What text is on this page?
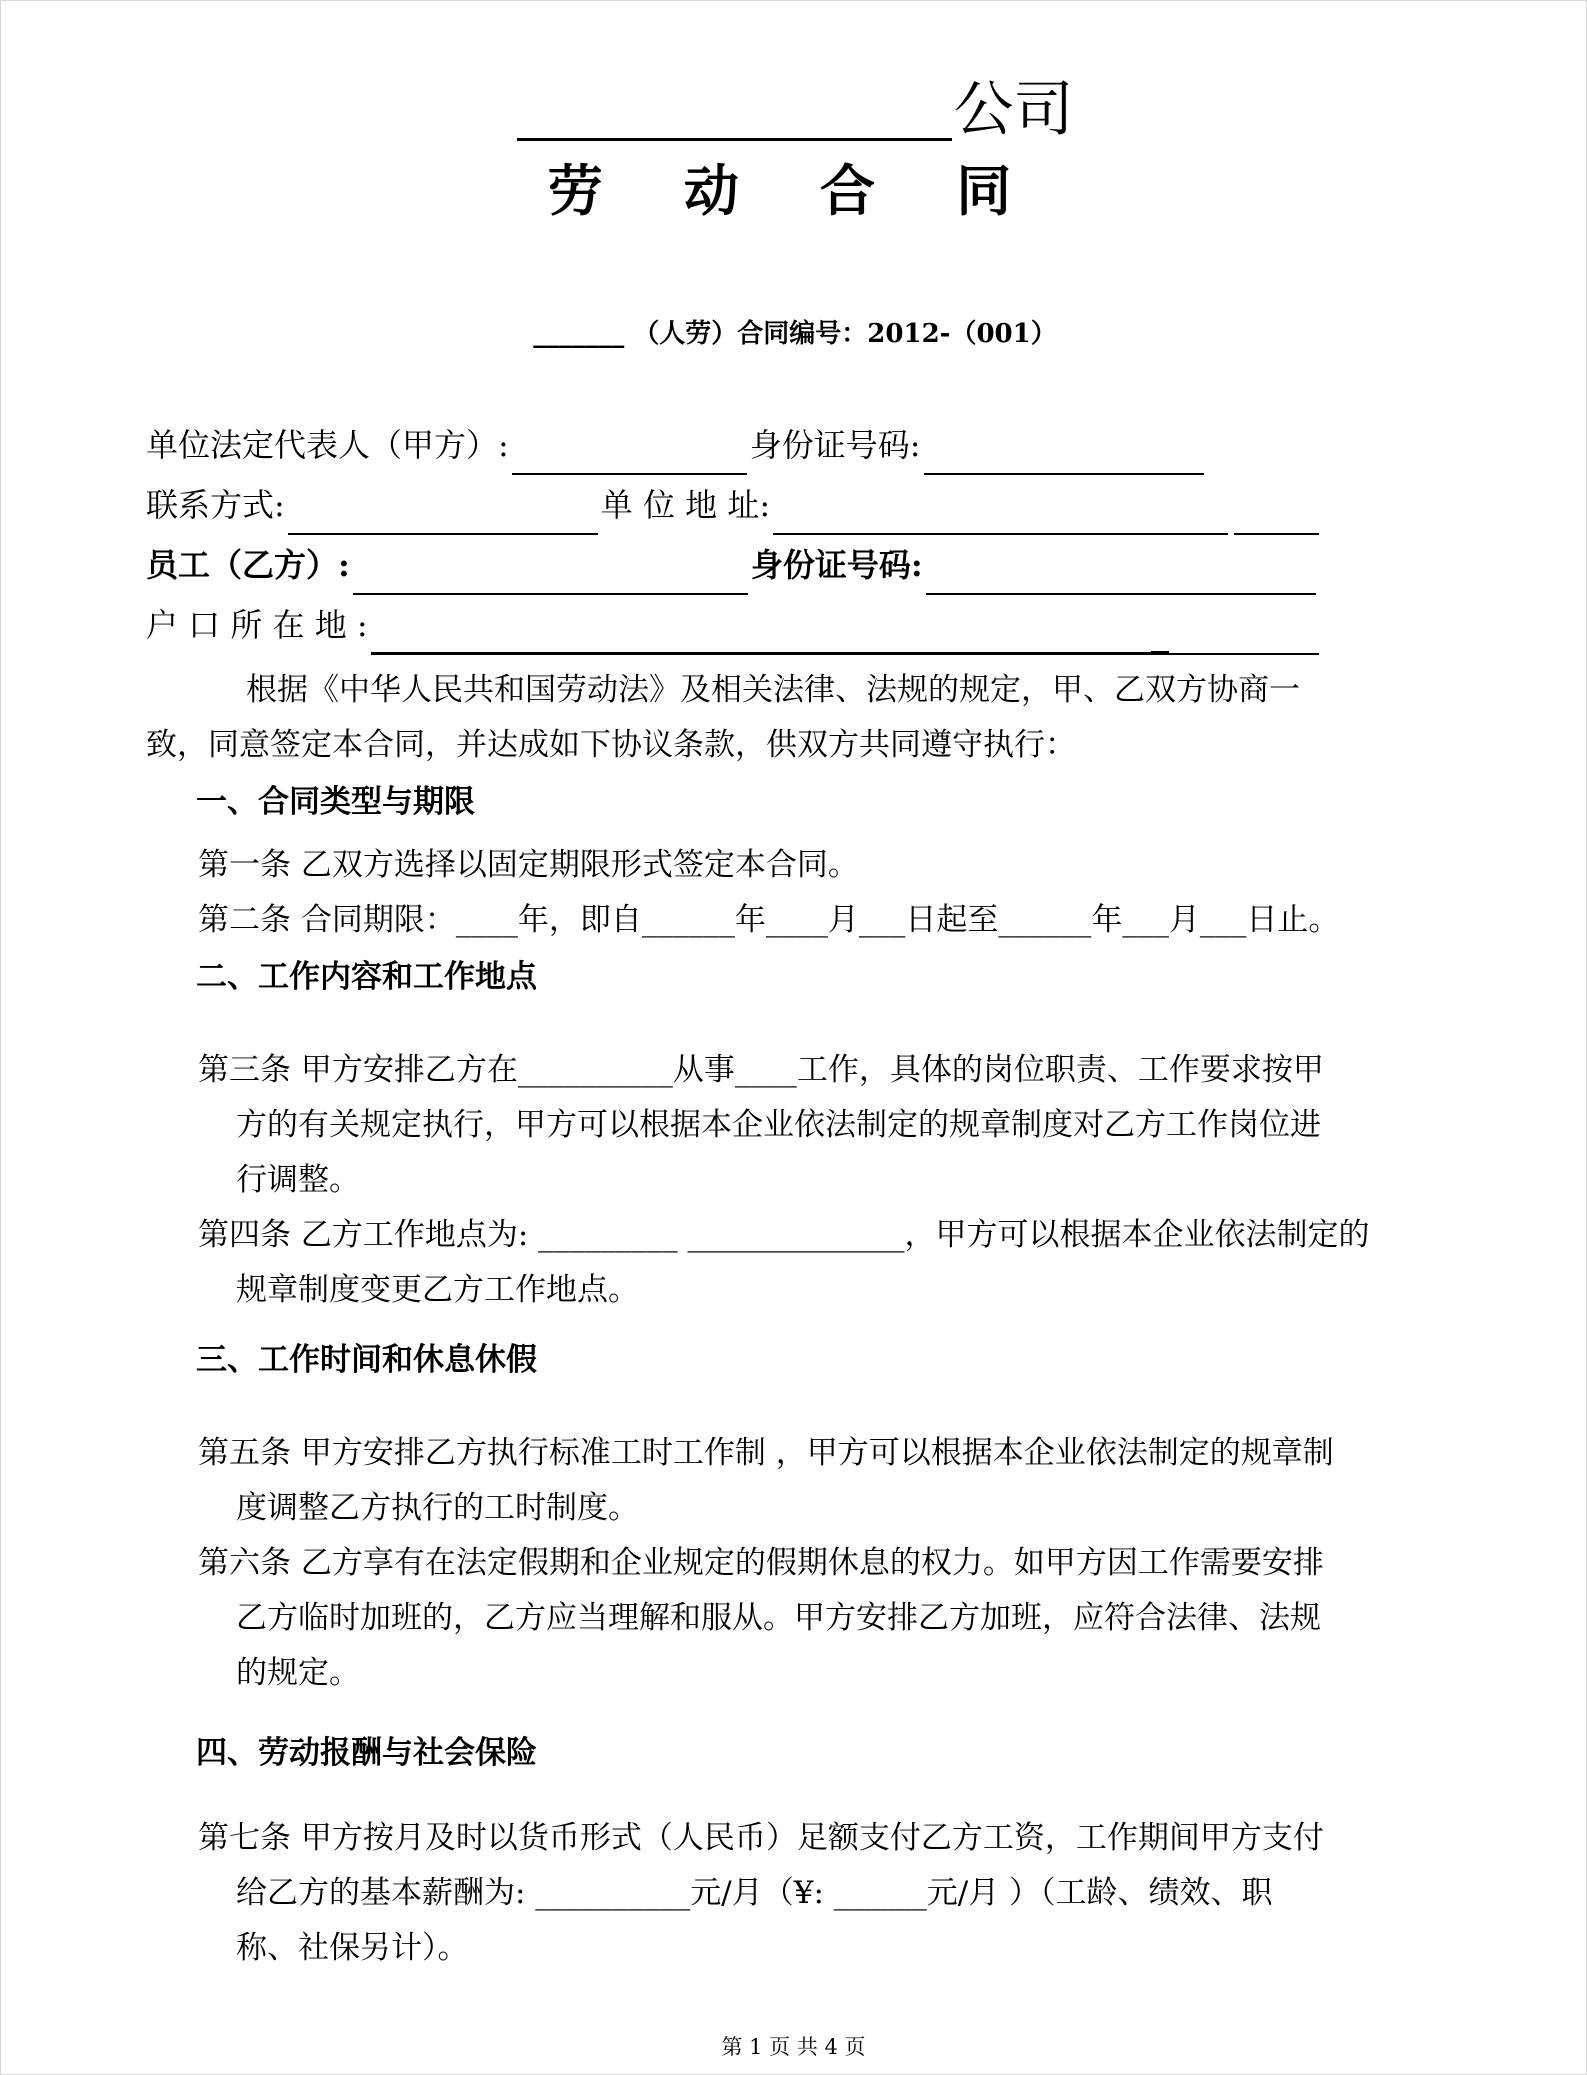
公司
劳 动 合 同
_______ （人劳）合同编号：2012-（001）
单位法定代表人（甲方）:	身份证号码:
联系方式:	单 位 地 址:
员工（乙方）:	身份证号码:
户 口 所 在 地 :
根据《中华人民共和国劳动法》及相关法律、法规的规定，甲、乙双方协商一
致，同意签定本合同，并达成如下协议条款，供双方共同遵守执行：
一、合同类型与期限
第一条 乙双方选择以固定期限形式签定本合同。
第二条 合同期限：____年，即自______年____月___日起至______年___月___日止。
二、工作内容和工作地点
第三条 甲方安排乙方在__________从事____工作，具体的岗位职责、工作要求按甲
方的有关规定执行，甲方可以根据本企业依法制定的规章制度对乙方工作岗位进
行调整。
第四条 乙方工作地点为: _________ ______________，甲方可以根据本企业依法制定的
规章制度变更乙方工作地点。
三、工作时间和休息休假
第五条 甲方安排乙方执行标准工时工作制 ，甲方可以根据本企业依法制定的规章制
度调整乙方执行的工时制度。
第六条 乙方享有在法定假期和企业规定的假期休息的权力。如甲方因工作需要安排
乙方临时加班的，乙方应当理解和服从。甲方安排乙方加班，应符合法律、法规
的规定。
四、劳动报酬与社会保险
第七条 甲方按月及时以货币形式（人民币）足额支付乙方工资，工作期间甲方支付
给乙方的基本薪酬为: __________元/月（¥: ______元/月 ）（工龄、绩效、职
称、社保另计）。
第 1 页 共 4 页
